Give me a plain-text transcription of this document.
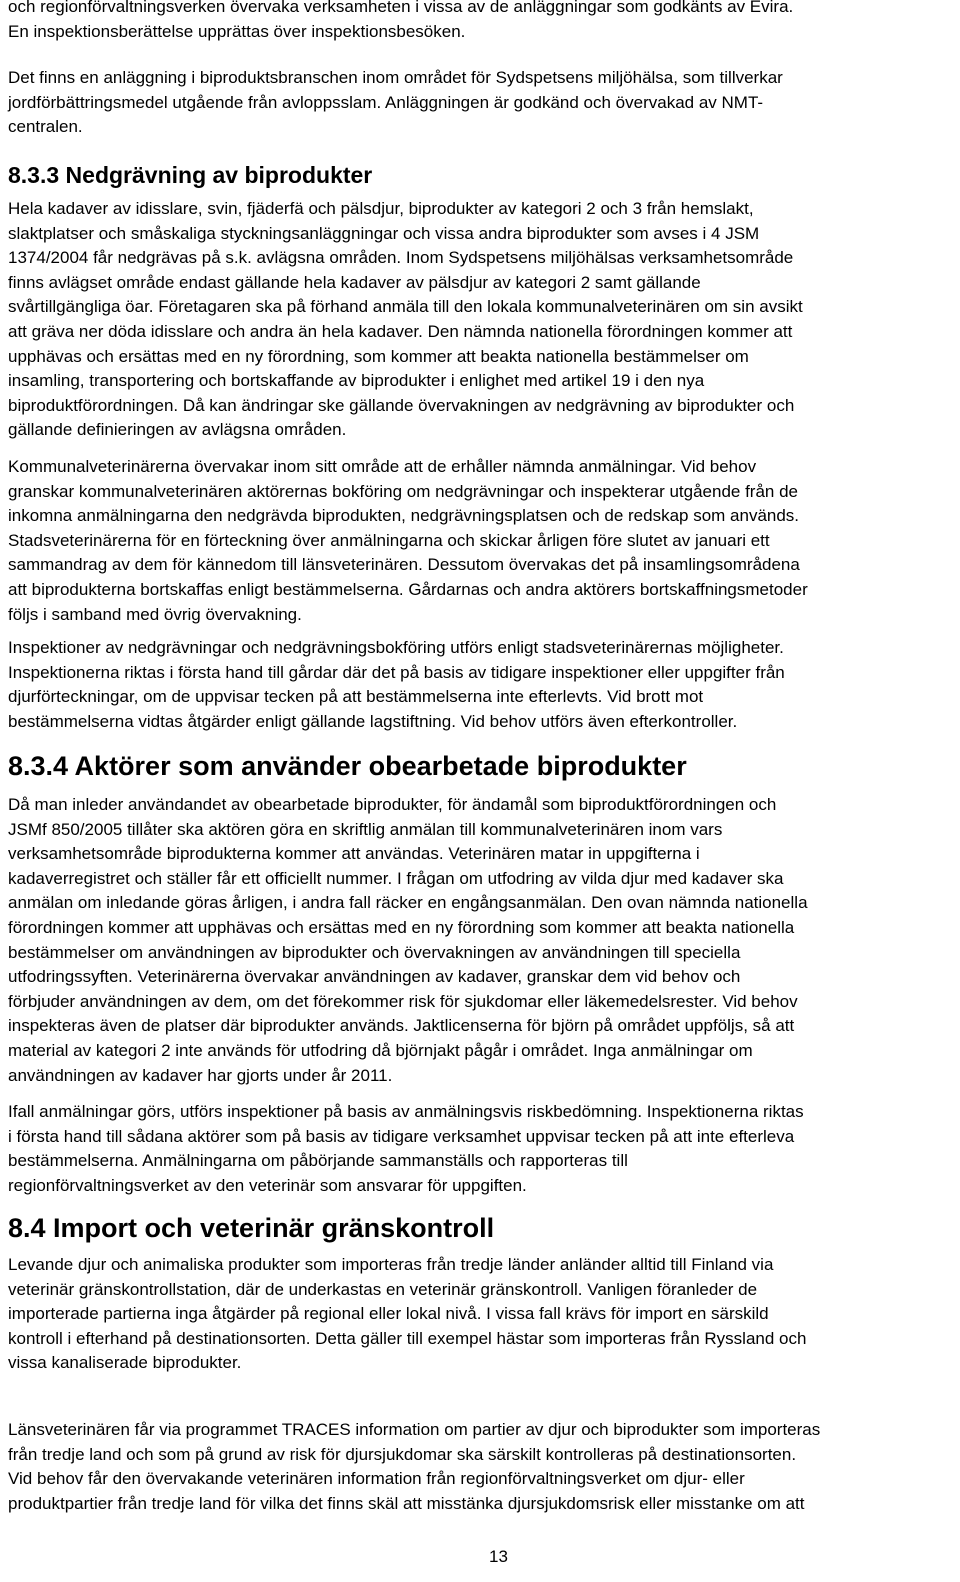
och regionförvaltningsverken övervaka verksamheten i vissa av de anläggningar som godkänts av Evira.
En inspektionsberättelse upprättas över inspektionsbesöken.
Det finns en anläggning i biproduktsbranschen inom området för Sydspetsens miljöhälsa, som tillverkar
jordförbättringsmedel utgående från avloppsslam. Anläggningen är godkänd och övervakad av NMT-
centralen.
8.3.3 Nedgrävning av biprodukter
Hela kadaver av idisslare, svin, fjäderfä och pälsdjur, biprodukter av kategori 2 och 3 från hemslakt,
slaktplatser och småskaliga styckningsanläggningar och vissa andra biprodukter som avses i 4 JSM
1374/2004 får nedgrävas på s.k. avlägsna områden. Inom Sydspetsens miljöhälsas verksamhetsområde
finns avlägset område endast gällande hela kadaver av pälsdjur av kategori 2 samt gällande
svårtillgängliga öar. Företagaren ska på förhand anmäla till den lokala kommunalveterinären om sin avsikt
att gräva ner döda idisslare och andra än hela kadaver. Den nämnda nationella förordningen kommer att
upphävas och ersättas med en ny förordning, som kommer att beakta nationella bestämmelser om
insamling, transportering och bortskaffande av biprodukter i enlighet med artikel 19 i den nya
biproduktförordningen. Då kan ändringar ske gällande övervakningen av nedgrävning av biprodukter och
gällande definieringen av avlägsna områden.
Kommunalveterinärerna övervakar inom sitt område att de erhåller nämnda anmälningar. Vid behov
granskar kommunalveterinären aktörernas bokföring om nedgrävningar och inspekterar utgående från de
inkomna anmälningarna den nedgrävda biprodukten, nedgrävningsplatsen och de redskap som används.
Stadsveterinärerna för en förteckning över anmälningarna och skickar årligen före slutet av januari ett
sammandrag av dem för kännedom till länsveterinären. Dessutom övervakas det på insamlingsområdena
att biprodukterna bortskaffas enligt bestämmelserna. Gårdarnas och andra aktörers bortskaffningsmetoder
följs i samband med övrig övervakning.
Inspektioner av nedgrävningar och nedgrävningsbokföring utförs enligt stadsveterinärernas möjligheter.
Inspektionerna riktas i första hand till gårdar där det på basis av tidigare inspektioner eller uppgifter från
djurförteckningar, om de uppvisar tecken på att bestämmelserna inte efterlevts. Vid brott mot
bestämmelserna vidtas åtgärder enligt gällande lagstiftning. Vid behov utförs även efterkontroller.
8.3.4 Aktörer som använder obearbetade biprodukter
Då man inleder användandet av obearbetade biprodukter, för ändamål som biproduktförordningen och
JSMf 850/2005 tillåter ska aktören göra en skriftlig anmälan till kommunalveterinären inom vars
verksamhetsområde biprodukterna kommer att användas. Veterinären matar in uppgifterna i
kadaverregistret och ställer får ett officiellt nummer. I frågan om utfodring av vilda djur med kadaver ska
anmälan om inledande göras årligen, i andra fall räcker en engångsanmälan. Den ovan nämnda nationella
förordningen kommer att upphävas och ersättas med en ny förordning som kommer att beakta nationella
bestämmelser om användningen av biprodukter och övervakningen av användningen till speciella
utfodringssyften. Veterinärerna övervakar användningen av kadaver, granskar dem vid behov och
förbjuder användningen av dem, om det förekommer risk för sjukdomar eller läkemedelsrester. Vid behov
inspekteras även de platser där biprodukter används. Jaktlicenserna för björn på området uppföljs, så att
material av kategori 2 inte används för utfodring då björnjakt pågår i området. Inga anmälningar om
användningen av kadaver har gjorts under år 2011.
Ifall anmälningar görs, utförs inspektioner på basis av anmälningsvis riskbedömning. Inspektionerna riktas
i första hand till sådana aktörer som på basis av tidigare verksamhet uppvisar tecken på att inte efterleva
bestämmelserna. Anmälningarna om påbörjande sammanställs och rapporteras till
regionförvaltningsverket av den veterinär som ansvarar för uppgiften.
8.4 Import och veterinär gränskontroll
Levande djur och animaliska produkter som importeras från tredje länder anländer alltid till Finland via
veterinär gränskontrollstation, där de underkastas en veterinär gränskontroll. Vanligen föranleder de
importerade partierna inga åtgärder på regional eller lokal nivå. I vissa fall krävs för import en särskild
kontroll i efterhand på destinationsorten. Detta gäller till exempel hästar som importeras från Ryssland och
vissa kanaliserade biprodukter.
Länsveterinären får via programmet TRACES information om partier av djur och biprodukter som importeras
från tredje land och som på grund av risk för djursjukdomar ska särskilt kontrolleras på destinationsorten.
Vid behov får den övervakande veterinären information från regionförvaltningsverket om djur- eller
produktpartier från tredje land för vilka det finns skäl att misstänka djursjukdomsrisk eller misstanke om att
13
